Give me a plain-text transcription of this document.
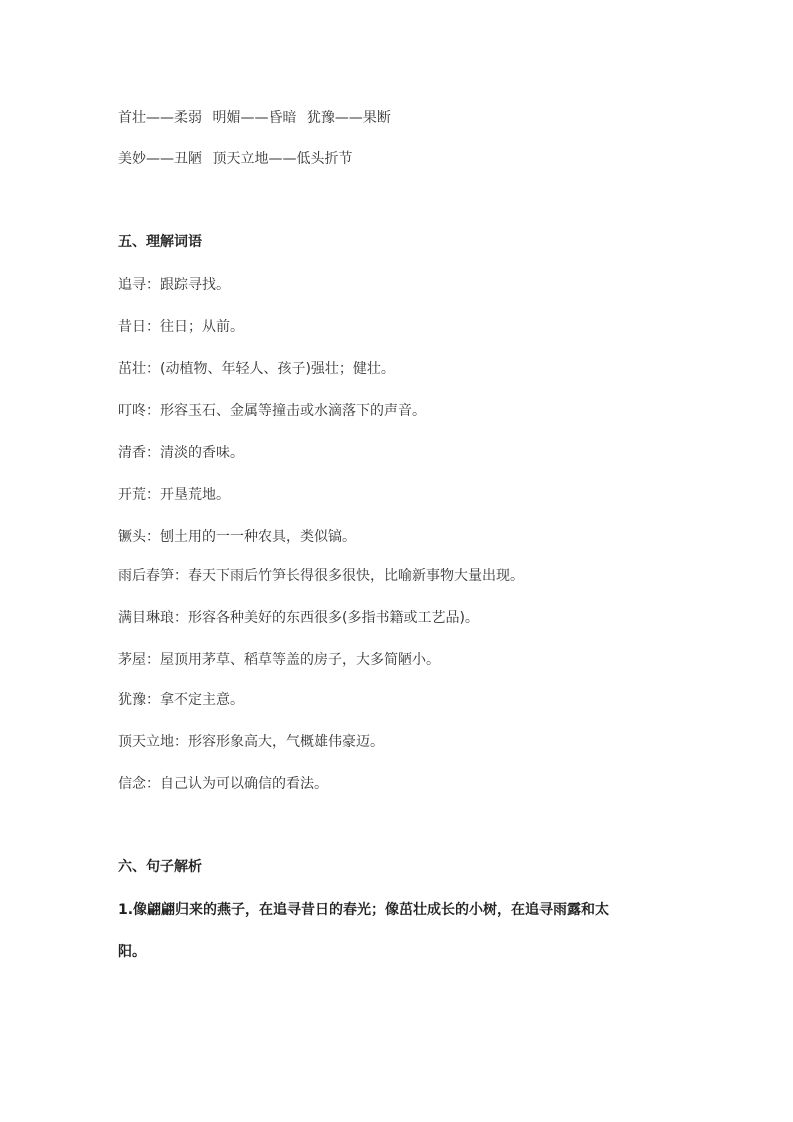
首壮——柔弱 明媚——昏暗 犹豫——果断
美妙——丑陋 顶天立地——低头折节
五、理解词语
追寻：跟踪寻找。
昔日：往日；从前。
茁壮：(动植物、年轻人、孩子)强壮；健壮。
叮咚：形容玉石、金属等撞击或水滴落下的声音。
清香：清淡的香味。
开荒：开垦荒地。
镢头：刨土用的一一种农具，类似镐。
雨后春笋：春天下雨后竹笋长得很多很快，比喻新事物大量出现。
满目琳琅：形容各种美好的东西很多(多指书籍或工艺品)。
茅屋：屋顶用茅草、稻草等盖的房子，大多简陋小。
犹豫：拿不定主意。
顶天立地：形容形象高大，气概雄伟豪迈。
信念：自己认为可以确信的看法。
六、句子解析
1.像翩翩归来的燕子，在追寻昔日的春光；像茁壮成长的小树，在追寻雨露和太
阳。
